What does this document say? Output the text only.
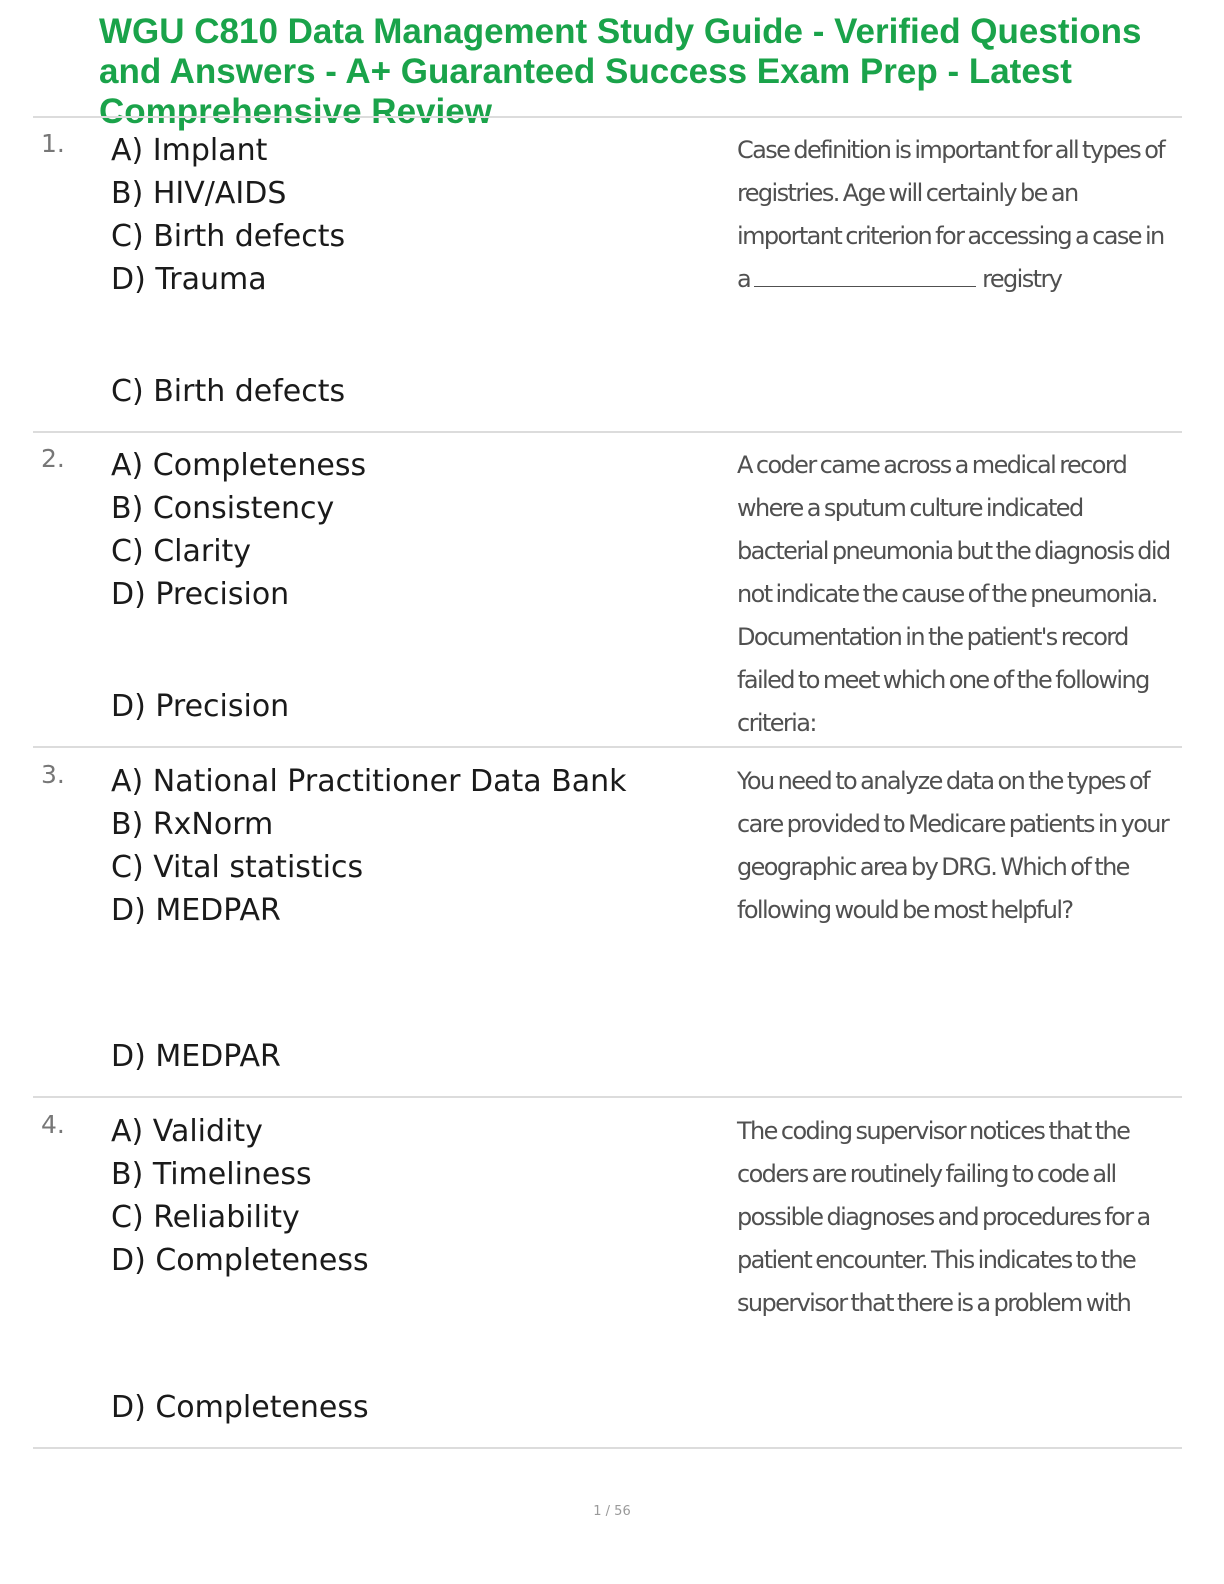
WGU C810 Data Management Study Guide - Verified Questions and Answers - A+ Guaranteed Success Exam Prep - Latest Comprehensive Review
1. A) Implant
B) HIV/AIDS
C) Birth defects
D) Trauma
C) Birth defects
Case definition is important for all types of registries. Age will certainly be an important criterion for accessing a case in a	registry
2. A) Completeness
B) Consistency
C) Clarity
D) Precision
D) Precision
A coder came across a medical record where a sputum culture indicated bacterial pneumonia but the diagnosis did not indicate the cause of the pneumonia. Documentation in the patient's record failed to meet which one of the following criteria:
3. A) National Practitioner Data Bank
B) RxNorm
C) Vital statistics
D) MEDPAR
D) MEDPAR
You need to analyze data on the types of care provided to Medicare patients in your geographic area by DRG. Which of the following would be most helpful?
4. A) Validity
B) Timeliness
C) Reliability
D) Completeness
D) Completeness
The coding supervisor notices that the coders are routinely failing to code all possible diagnoses and procedures for a patient encounter. This indicates to the supervisor that there is a problem with
1 / 56
